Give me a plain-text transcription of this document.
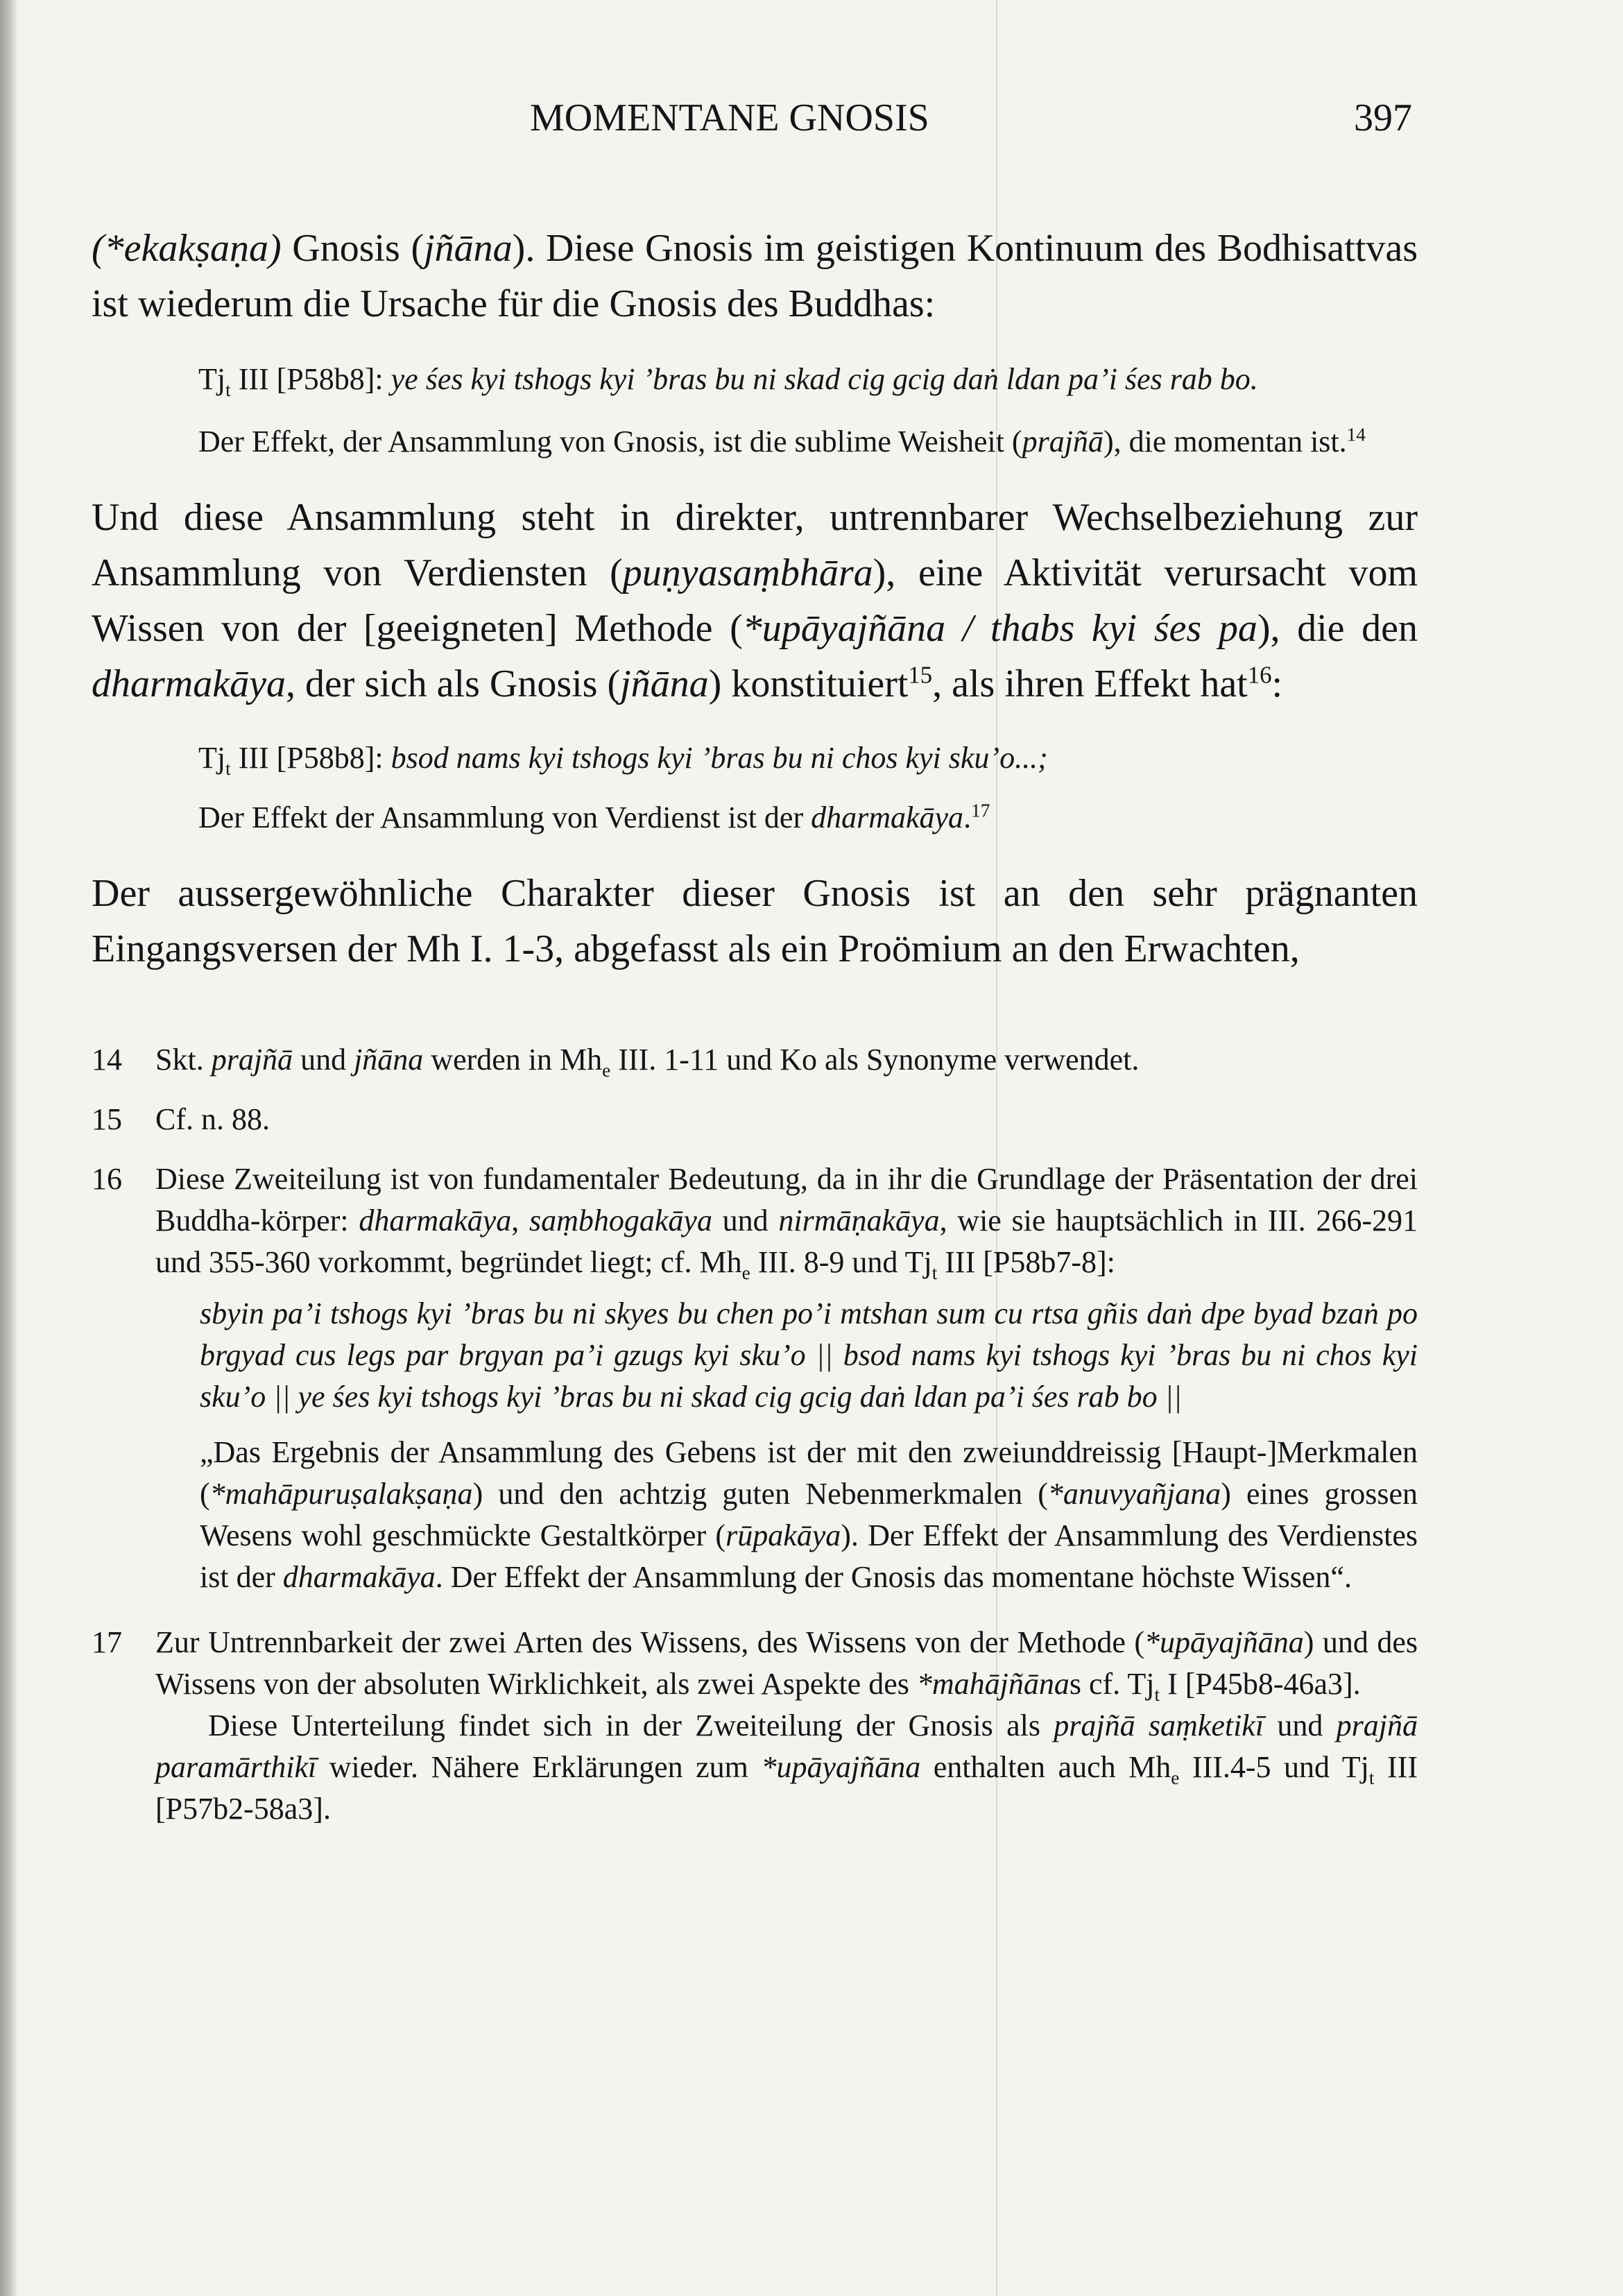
MOMENTANE GNOSIS	397

(*ekakṣaṇa) Gnosis (jñāna). Diese Gnosis im geistigen Kontinuum des Bodhisattvas ist wiederum die Ursache für die Gnosis des Buddhas:

$Tj_t$ III [P58b8]: ye śes kyi tshogs kyi ’bras bu ni skad cig gcig daṅ ldan pa’i śes rab bo.

Der Effekt, der Ansammlung von Gnosis, ist die sublime Weisheit (prajñā), die momentan ist.$^{14}$

Und diese Ansammlung steht in direkter, untrennbarer Wechselbeziehung zur Ansammlung von Verdiensten (puṇyasaṃbhāra), eine Aktivität verursacht vom Wissen von der [geeigneten] Methode (*upāyajñāna / thabs kyi śes pa), die den dharmakāya, der sich als Gnosis (jñāna) konstituiert$^{15}$, als ihren Effekt hat$^{16}$:

$Tj_t$ III [P58b8]: bsod nams kyi tshogs kyi ’bras bu ni chos kyi sku’o...;

Der Effekt der Ansammlung von Verdienst ist der dharmakāya.$^{17}$

Der aussergewöhnliche Charakter dieser Gnosis ist an den sehr prägnanten Eingangsversen der Mh I. 1-3, abgefasst als ein Proömium an den Erwachten,

14 Skt. prajñā und jñāna werden in $Mh_e$ III. 1-11 und Ko als Synonyme verwendet.

15 Cf. n. 88.

16 Diese Zweiteilung ist von fundamentaler Bedeutung, da in ihr die Grundlage der Präsentation der drei Buddha-körper: dharmakāya, saṃbhogakāya und nirmāṇakāya, wie sie hauptsächlich in III. 266-291 und 355-360 vorkommt, begründet liegt; cf. $Mh_e$ III. 8-9 und $Tj_t$ III [P58b7-8]:

sbyin pa’i tshogs kyi ’bras bu ni skyes bu chen po’i mtshan sum cu rtsa gñis daṅ dpe byad bzaṅ po brgyad cus legs par brgyan pa’i gzugs kyi sku’o || bsod nams kyi tshogs kyi ’bras bu ni chos kyi sku’o || ye śes kyi tshogs kyi ’bras bu ni skad cig gcig daṅ ldan pa’i śes rab bo ||

„Das Ergebnis der Ansammlung des Gebens ist der mit den zweiunddreissig [Haupt-]Merkmalen (*mahāpuruṣalakṣaṇa) und den achtzig guten Nebenmerkmalen (*anuvyañjana) eines grossen Wesens wohl geschmückte Gestaltkörper (rūpakāya). Der Effekt der Ansammlung des Verdienstes ist der dharmakāya. Der Effekt der Ansammlung der Gnosis das momentane höchste Wissen“.

17 Zur Untrennbarkeit der zwei Arten des Wissens, des Wissens von der Methode (*upāyajñāna) und des Wissens von der absoluten Wirklichkeit, als zwei Aspekte des *mahājñānas cf. $Tj_t$ I [P45b8-46a3].

Diese Unterteilung findet sich in der Zweiteilung der Gnosis als prajñā saṃketikī und prajñā paramārthikī wieder. Nähere Erklärungen zum *upāyajñāna enthalten auch $Mh_e$ III.4-5 und $Tj_t$ III [P57b2-58a3].
